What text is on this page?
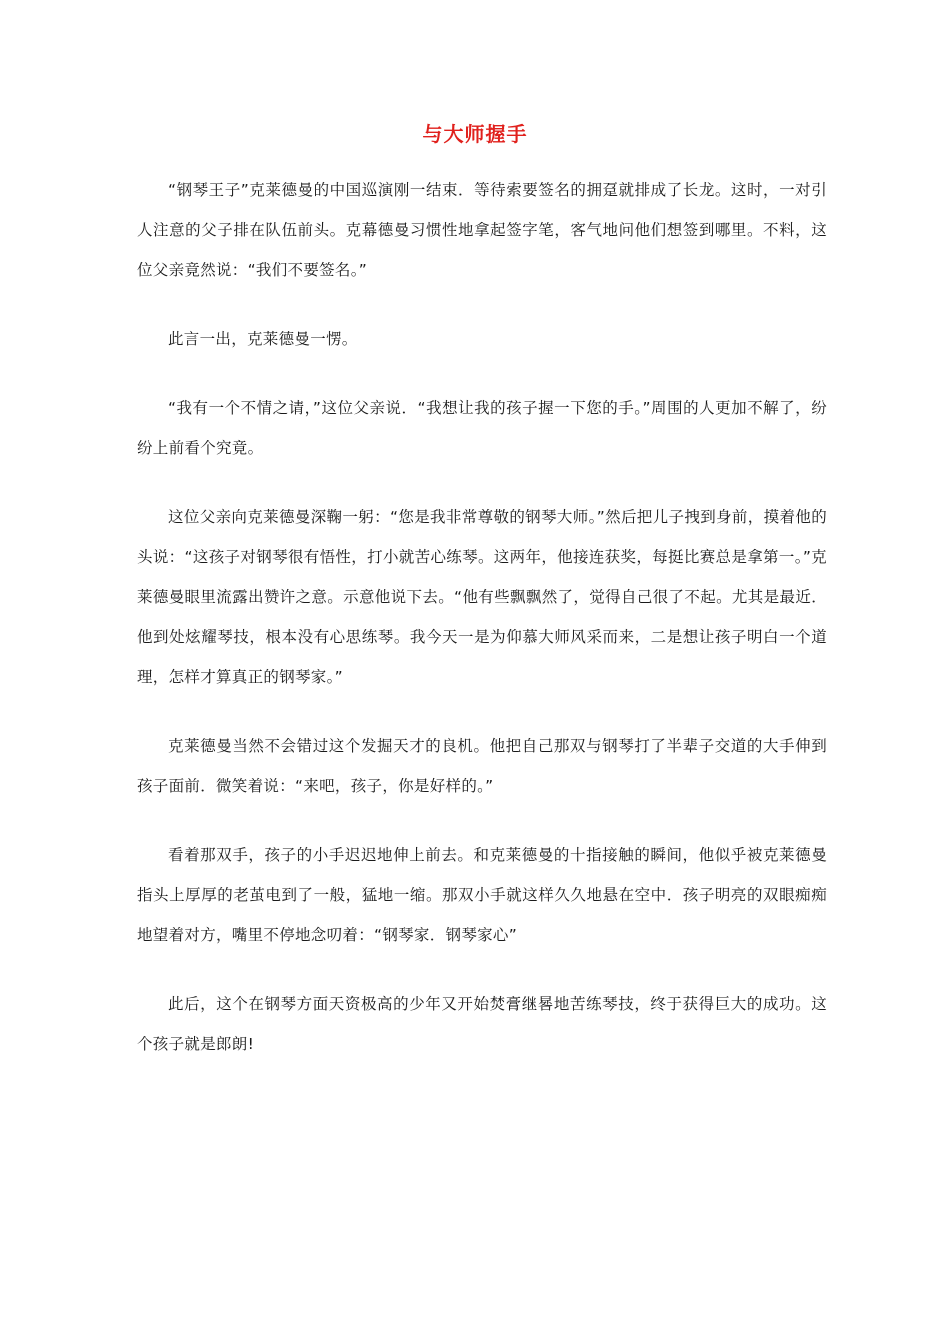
与大师握手

“钢琴王子”克莱德曼的中国巡演刚一结束．等待索要签名的拥趸就排成了长龙。这时，一对引人注意的父子排在队伍前头。克幕德曼习惯性地拿起签字笔，客气地问他们想签到哪里。不料，这位父亲竟然说：“我们不要签名。”

此言一出，克莱德曼一愣。

“我有一个不情之请，”这位父亲说．“我想让我的孩子握一下您的手。”周围的人更加不解了，纷纷上前看个究竟。

这位父亲向克莱德曼深鞠一躬：“您是我非常尊敬的钢琴大师。”然后把儿子拽到身前，摸着他的头说：“这孩子对钢琴很有悟性，打小就苦心练琴。这两年，他接连获奖，每挺比赛总是拿第一。”克莱德曼眼里流露出赞许之意。示意他说下去。“他有些飘飘然了，觉得自己很了不起。尤其是最近．他到处炫耀琴技，根本没有心思练琴。我今天一是为仰慕大师风采而来，二是想让孩子明白一个道理，怎样才算真正的钢琴家。”

克莱德曼当然不会错过这个发掘天才的良机。他把自己那双与钢琴打了半辈子交道的大手伸到孩子面前．微笑着说：“来吧，孩子，你是好样的。”

看着那双手，孩子的小手迟迟地伸上前去。和克莱德曼的十指接触的瞬间，他似乎被克莱德曼指头上厚厚的老茧电到了一般，猛地一缩。那双小手就这样久久地悬在空中．孩子明亮的双眼痴痴地望着对方，嘴里不停地念叨着：“钢琴家．钢琴家心”

此后，这个在钢琴方面天资极高的少年又开始焚膏继晷地苦练琴技，终于获得巨大的成功。这个孩子就是郎朗!
